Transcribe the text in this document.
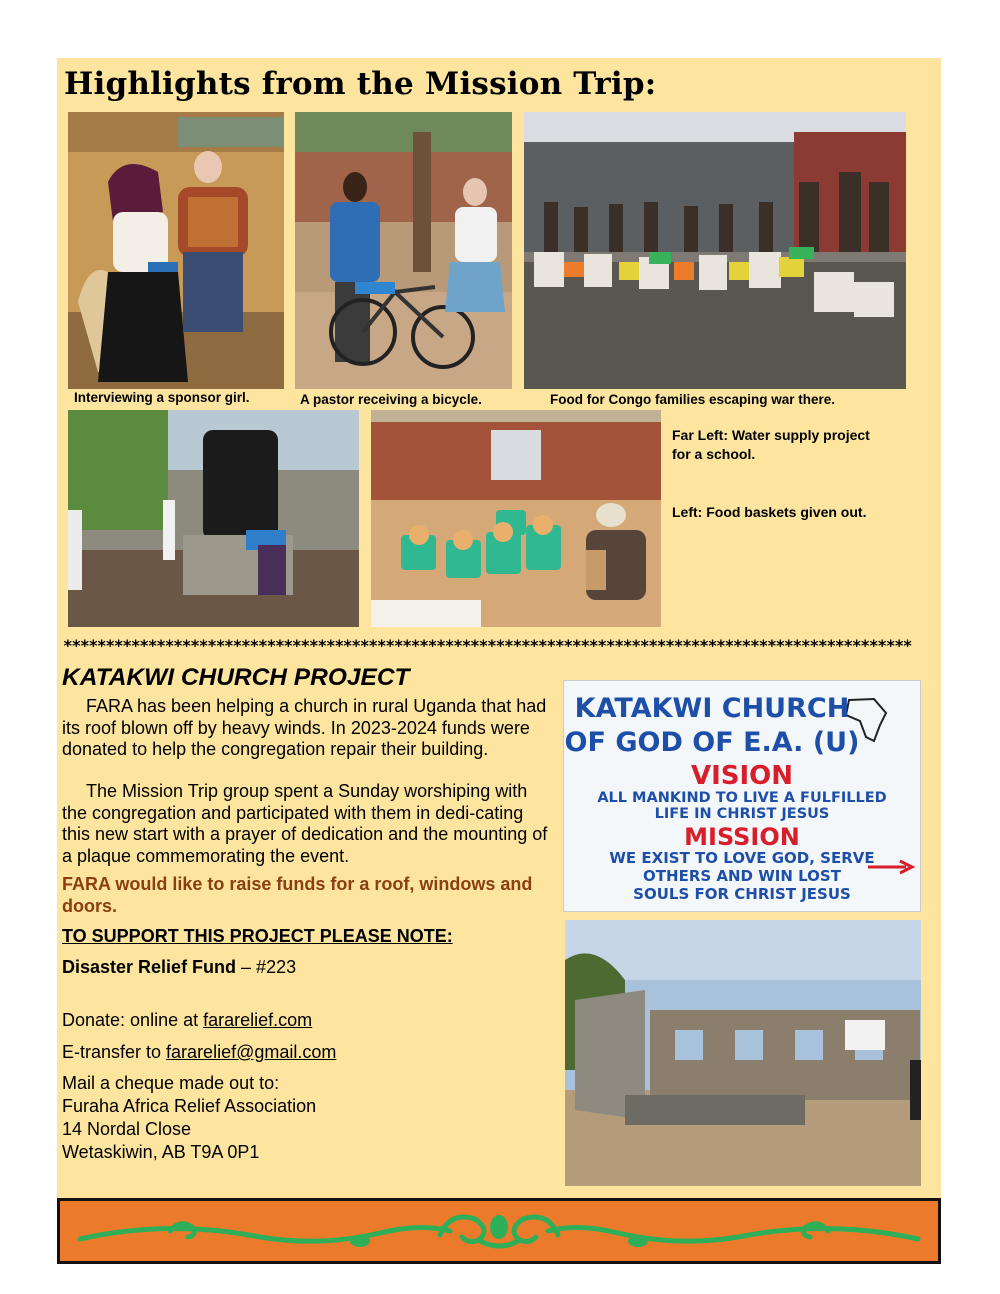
Highlights from the Mission Trip:
Interviewing a sponsor girl.	A pastor receiving a bicycle.	Food for Congo families escaping war there.
Far Left: Water supply project
for a school.
Left: Food baskets given out.
****************************************************************************************************
KATAKWI CHURCH PROJECT
FARA has been helping a church in rural Uganda that had its roof blown off by heavy winds. In 2023-2024 funds were donated to help the congregation repair their building.
The Mission Trip group spent a Sunday worshiping with the congregation and participated with them in dedi-cating this new start with a prayer of dedication and the mounting of a plaque commemorating the event.
FARA would like to raise funds for a roof, windows and doors.
TO SUPPORT THIS PROJECT PLEASE NOTE:
Disaster Relief Fund – #223
Donate: online at fararelief.com
E-transfer to fararelief@gmail.com
Mail a cheque made out to:
Furaha Africa Relief Association
14 Nordal Close
Wetaskiwin, AB T9A 0P1
KATAKWI CHURCH
OF GOD OF E.A. (U)
VISION
ALL MANKIND TO LIVE A FULFILLED
LIFE IN CHRIST JESUS
MISSION
WE EXIST TO LOVE GOD, SERVE
OTHERS AND WIN LOST
SOULS FOR CHRIST JESUS
